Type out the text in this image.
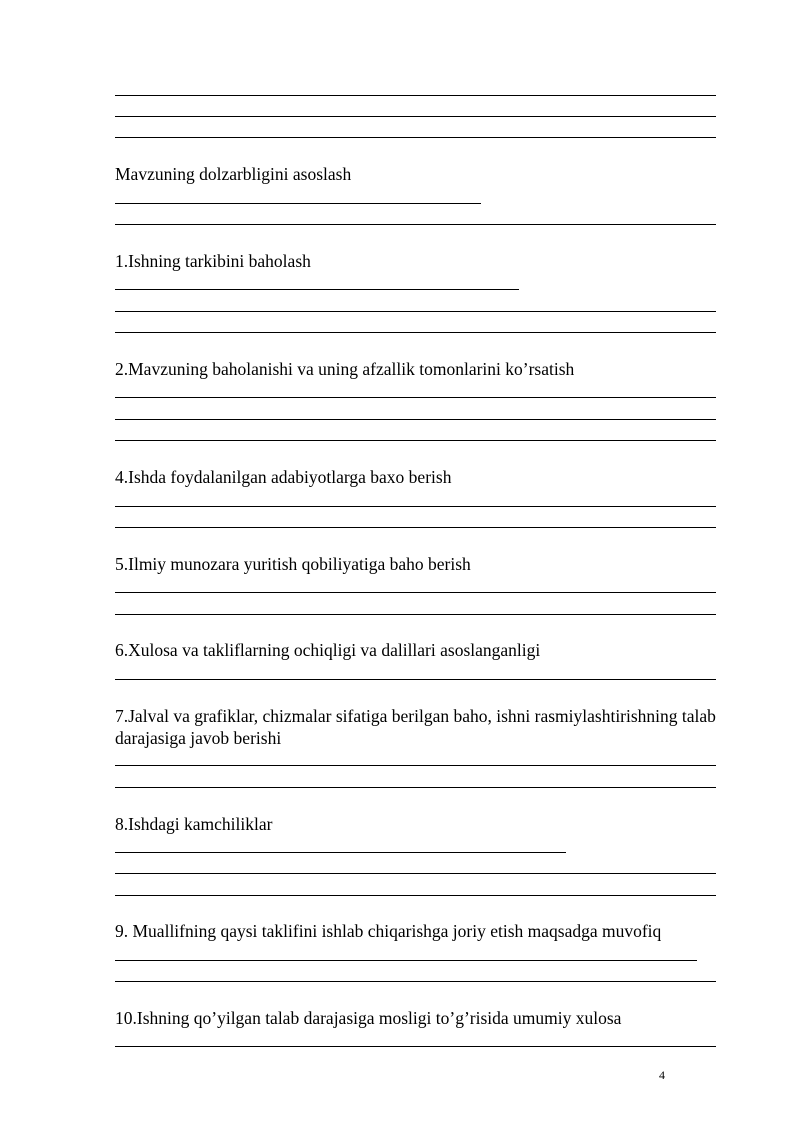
Mavzuning dolzarbligini asoslash
1.Ishning tarkibini baholash
2.Mavzuning baholanishi va uning afzallik tomonlarini ko’rsatish
4.Ishda foydalanilgan adabiyotlarga baxo berish
5.Ilmiy munozara yuritish qobiliyatiga baho berish
6.Xulosa va takliflarning ochiqligi va dalillari asoslanganligi
7.Jalval va grafiklar, chizmalar sifatiga berilgan baho, ishni rasmiylashtirishning talab darajasiga javob berishi
8.Ishdagi kamchiliklar
9. Muallifning qaysi taklifini ishlab chiqarishga joriy etish maqsadga muvofiq
10.Ishning qo’yilgan talab darajasiga mosligi to’g’risida umumiy xulosa
4
